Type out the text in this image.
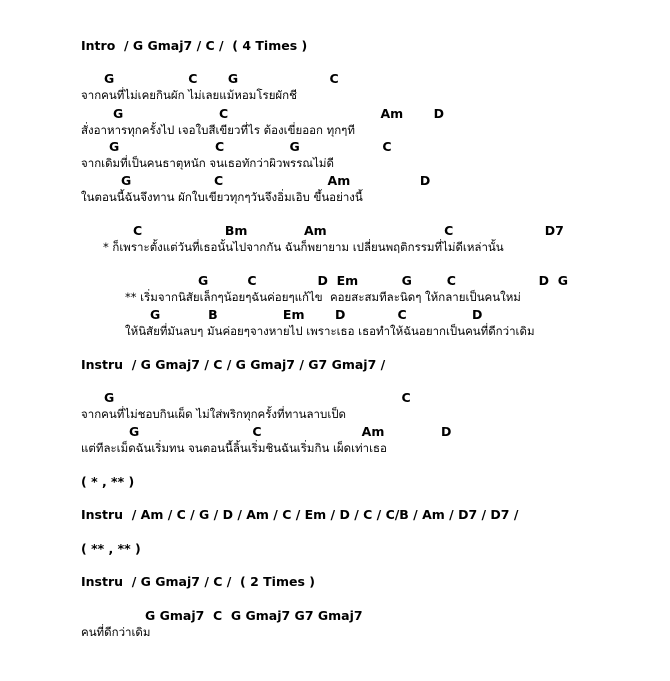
Intro  / G Gmaj7 / C /  ( 4 Times )
G                 C       G                     C
จากคนที่ไม่เคยกินผัก ไม่เลยแม้หอมโรยผักชี
G                      C                                   Am       D
สั่งอาหารทุกครั้งไป เจอใบสีเขียวที่ไร ต้องเขี่ยออก ทุกๆที
G                      C               G                   C
จากเดิมที่เป็นคนธาตุหนัก จนเธอทักว่าผิวพรรณไม่ดี
G                   C                        Am                D
ในตอนนี้ฉันจึงทาน ผักใบเขียวทุกๆวันจึงอิ่มเอิบ ขึ้นอย่างนี้
C                   Bm             Am                           C                     D7
* ก็เพราะตั้งแต่วันที่เธอนั้นไปจากกัน ฉันก็พยายาม เปลี่ยนพฤติกรรมที่ไม่ดีเหล่านั้น
G         C              D  Em          G        C                   D  G
** เริ่มจากนิสัยเล็กๆน้อยๆฉันค่อยๆแก้ไข  คอยสะสมทีละนิดๆ ให้กลายเป็นคนใหม่
G           B               Em       D            C               D
ให้นิสัยที่มันลบๆ มันค่อยๆจางหายไป เพราะเธอ เธอทำให้ฉันอยากเป็นคนที่ดีกว่าเดิม
Instru  / G Gmaj7 / C / G Gmaj7 / G7 Gmaj7 /
G                                                                  C
จากคนที่ไม่ชอบกินเผ็ด ไม่ใส่พริกทุกครั้งที่ทานลาบเป็ด
G                          C                       Am             D
แต่ทีละเม็ดฉันเริ่มทน จนตอนนี้ลิ้นเริ่มชินฉันเริ่มกิน เผ็ดเท่าเธอ
( * , ** )
Instru  / Am / C / G / D / Am / C / Em / D / C / C/B / Am / D7 / D7 /
( ** , ** )
Instru  / G Gmaj7 / C /  ( 2 Times )
G Gmaj7  C  G Gmaj7 G7 Gmaj7
คนที่ดีกว่าเดิม
